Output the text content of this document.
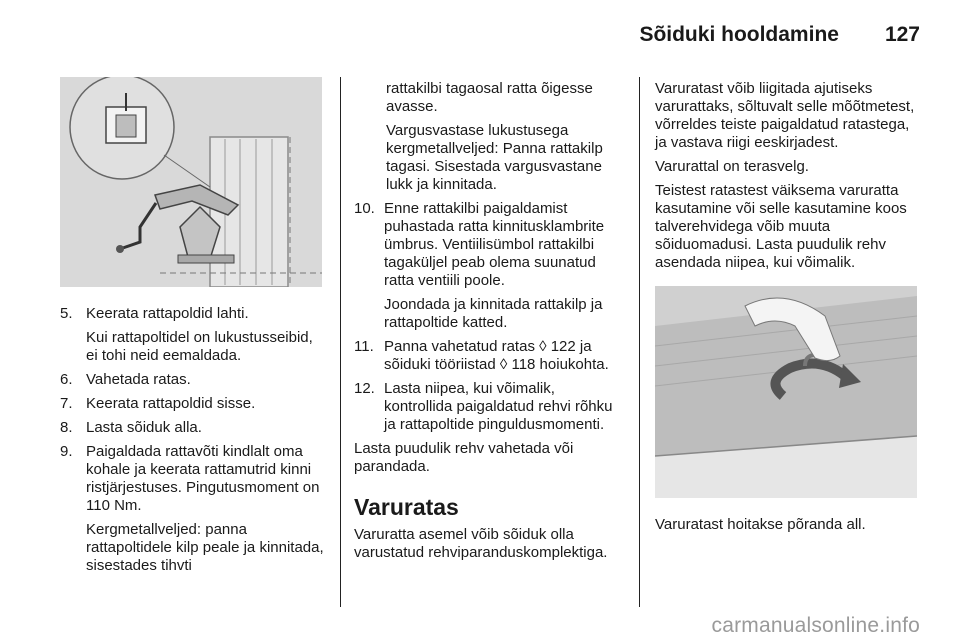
Sõiduki hooldamine 127
5. Keerata rattapoldid lahti.
Kui rattapoltidel on lukustusseibid, ei tohi neid eemaldada.
6. Vahetada ratas.
7. Keerata rattapoldid sisse.
8. Lasta sõiduk alla.
9. Paigaldada rattavõti kindlalt oma kohale ja keerata rattamutrid kinni ristjärjestuses. Pingutusmoment on 110 Nm.
Kergmetallveljed: panna rattapoltidele kilp peale ja kinnitada, sisestades tihvti

rattakilbi tagaosal ratta õigesse avasse.

Vargusvastase lukustusega kergmetallveljed: Panna rattakilp tagasi. Sisestada vargusvastane lukk ja kinnitada.

10. Enne rattakilbi paigaldamist puhastada ratta kinnitusklambrite ümbrus. Ventiilisümbol rattakilbi tagaküljel peab olema suunatud ratta ventiili poole.
Joondada ja kinnitada rattakilp ja rattapoltide katted.
11. Panna vahetatud ratas ◊ 122 ja sõiduki tööriistad ◊ 118 hoiukohta.
12. Lasta niipea, kui võimalik, kontrollida paigaldatud rehvi rõhku ja rattapoltide pinguldusmomenti.

Lasta puudulik rehv vahetada või parandada.

Varuratas

Varuratta asemel võib sõiduk olla varustatud rehviparanduskomplektiga.

Varuratast võib liigitada ajutiseks varurattaks, sõltuvalt selle mõõtmetest, võrreldes teiste paigaldatud ratastega, ja vastava riigi eeskirjadest.

Varurattal on terasvelg.

Teistest ratastest väiksema varuratta kasutamine või selle kasutamine koos talverehvidega võib muuta sõiduomadusi. Lasta puudulik rehv asendada niipea, kui võimalik.

Varuratast hoitakse põranda all.

carmanualsonline.info
